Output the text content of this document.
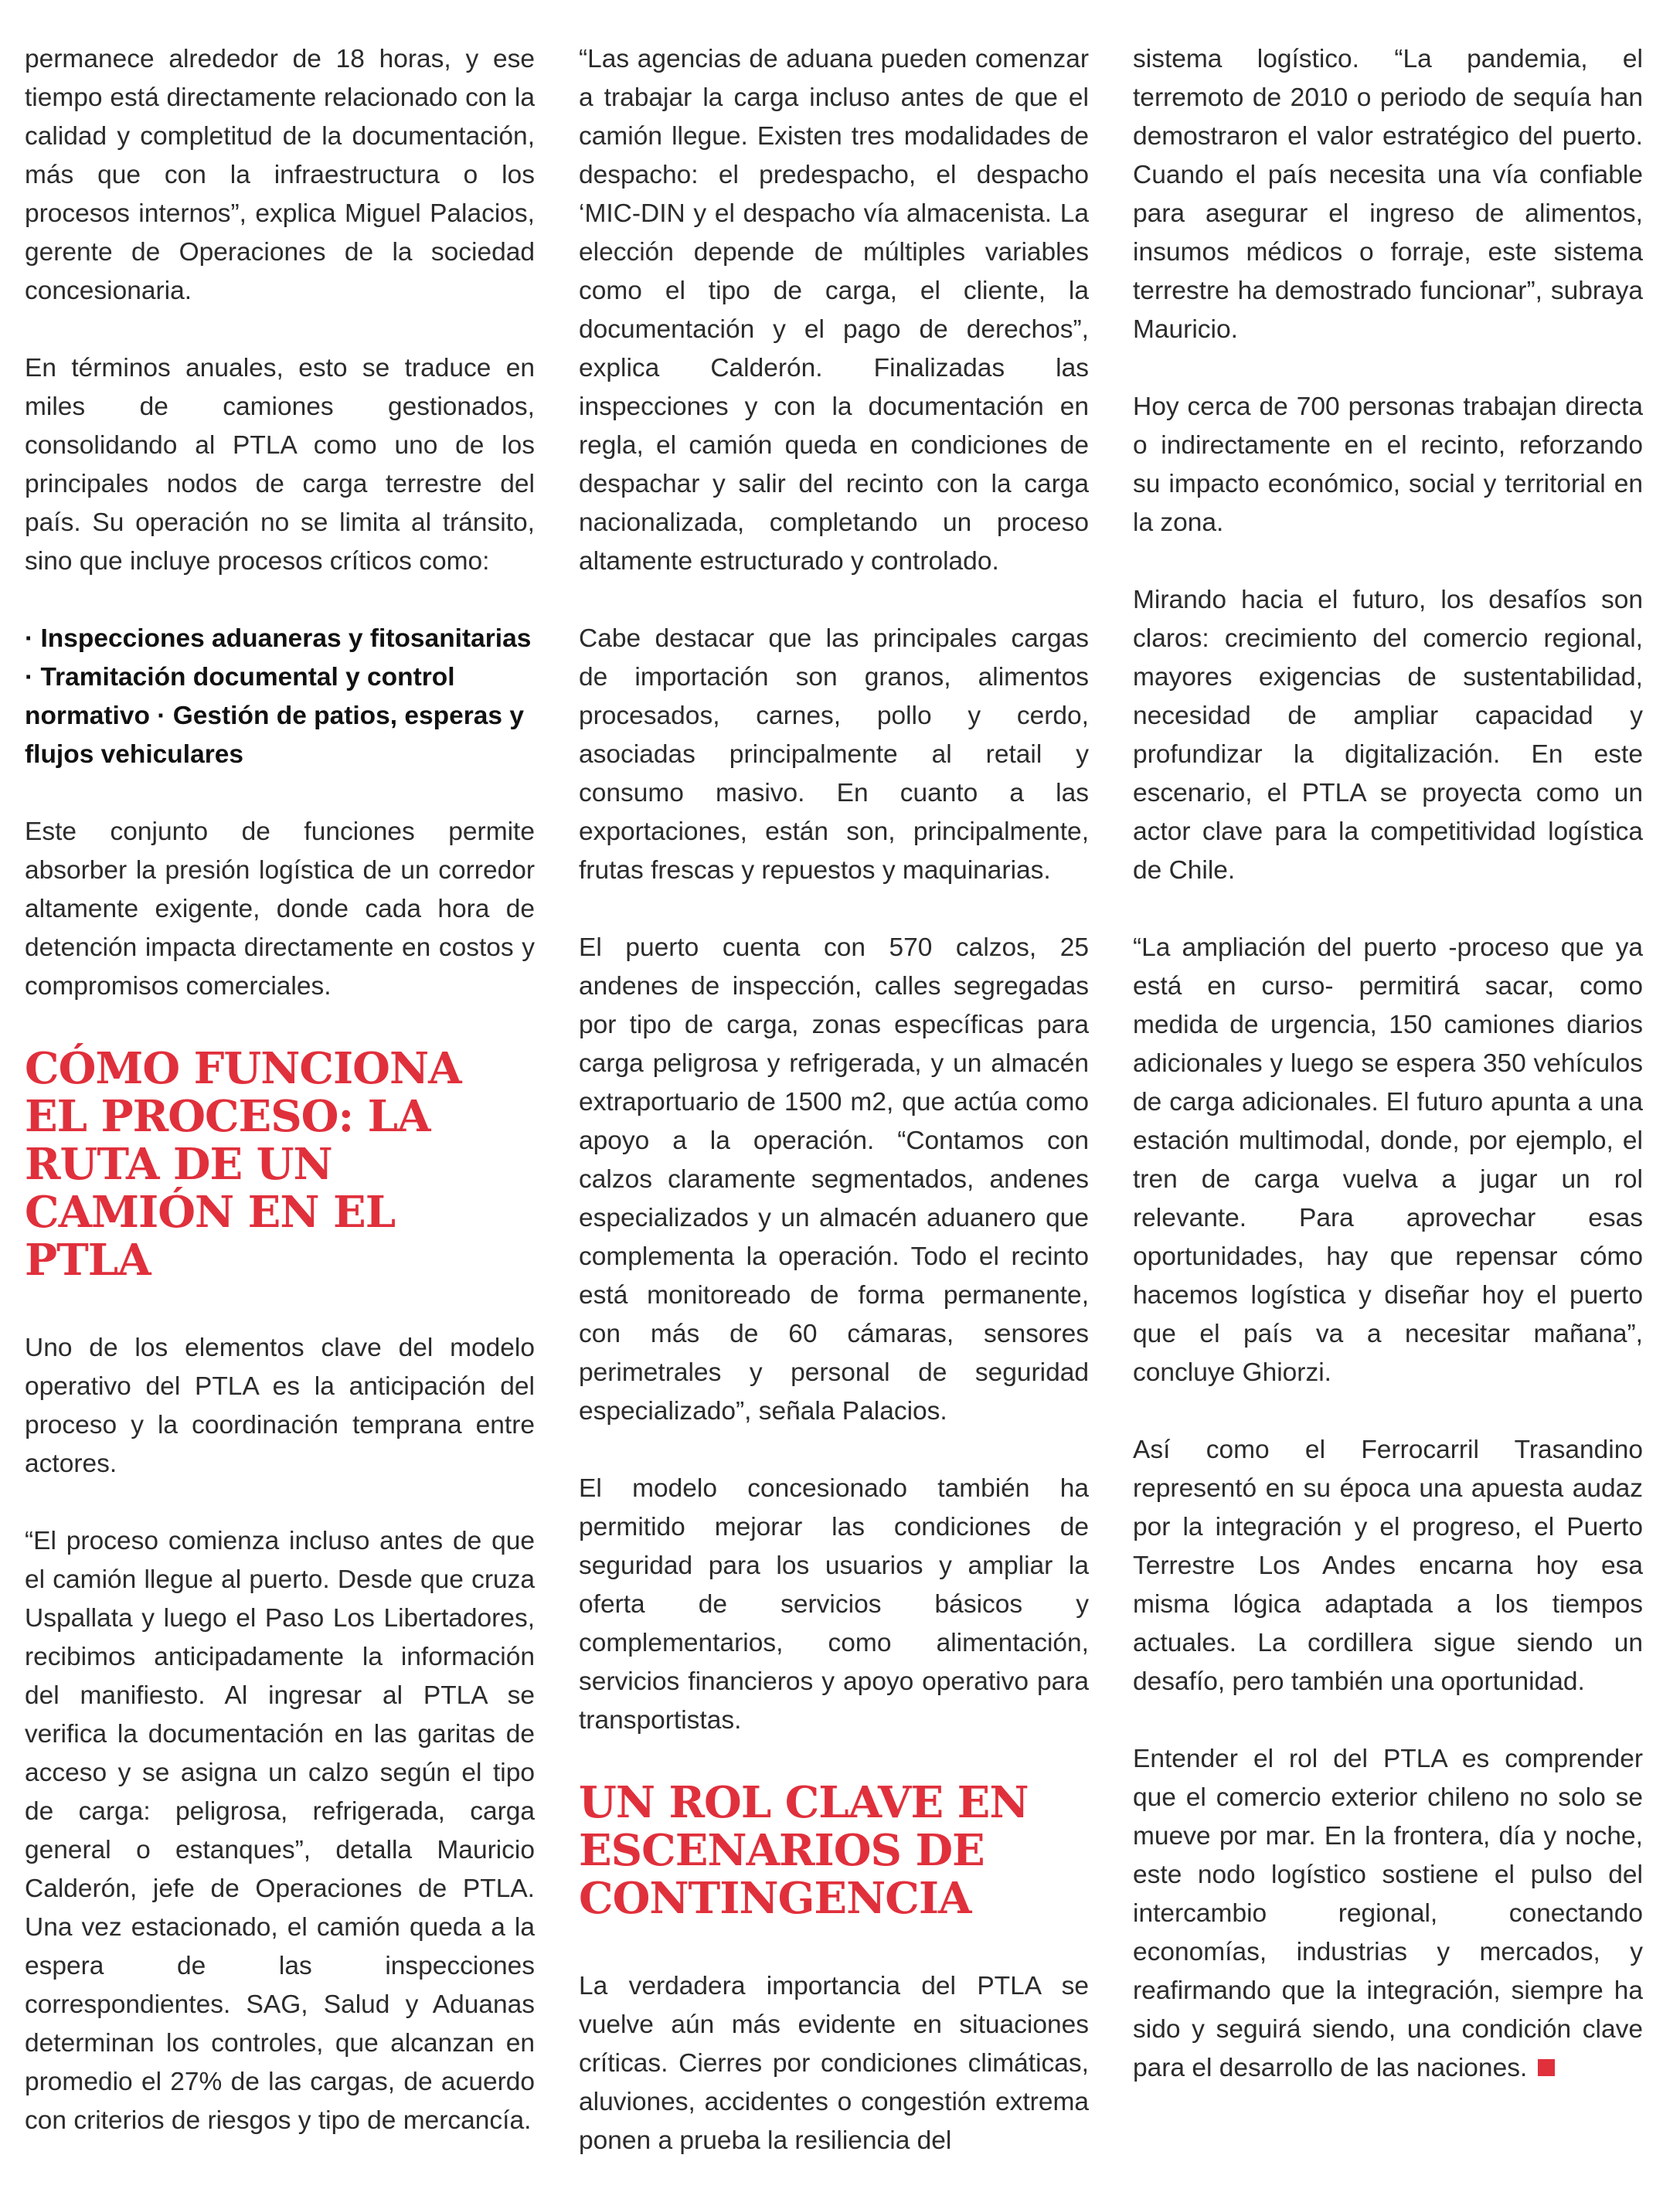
permanece alrededor de 18 horas, y ese tiempo está directamente relacionado con la calidad y completitud de la documentación, más que con la infraestructura o los procesos internos”, explica Miguel Palacios, gerente de Operaciones de la sociedad concesionaria.

En términos anuales, esto se traduce en miles de camiones gestionados, consolidando al PTLA como uno de los principales nodos de carga terrestre del país. Su operación no se limita al tránsito, sino que incluye procesos críticos como:

· Inspecciones aduaneras y fitosanitarias · Tramitación documental y control normativo · Gestión de patios, esperas y flujos vehiculares

Este conjunto de funciones permite absorber la presión logística de un corredor altamente exigente, donde cada hora de detención impacta directamente en costos y compromisos comerciales.

CÓMO FUNCIONA EL PROCESO: LA RUTA DE UN CAMIÓN EN EL PTLA

Uno de los elementos clave del modelo operativo del PTLA es la anticipación del proceso y la coordinación temprana entre actores.

“El proceso comienza incluso antes de que el camión llegue al puerto. Desde que cruza Uspallata y luego el Paso Los Libertadores, recibimos anticipadamente la información del manifiesto. Al ingresar al PTLA se verifica la documentación en las garitas de acceso y se asigna un calzo según el tipo de carga: peligrosa, refrigerada, carga general o estanques”, detalla Mauricio Calderón, jefe de Operaciones de PTLA. Una vez estacionado, el camión queda a la espera de las inspecciones correspondientes. SAG, Salud y Aduanas determinan los controles, que alcanzan en promedio el 27% de las cargas, de acuerdo con criterios de riesgos y tipo de mercancía.

“Las agencias de aduana pueden comenzar a trabajar la carga incluso antes de que el camión llegue. Existen tres modalidades de despacho: el predespacho, el despacho ‘MIC-DIN y el despacho vía almacenista. La elección depende de múltiples variables como el tipo de carga, el cliente, la documentación y el pago de derechos”, explica Calderón. Finalizadas las inspecciones y con la documentación en regla, el camión queda en condiciones de despachar y salir del recinto con la carga nacionalizada, completando un proceso altamente estructurado y controlado.

Cabe destacar que las principales cargas de importación son granos, alimentos procesados, carnes, pollo y cerdo, asociadas principalmente al retail y consumo masivo. En cuanto a las exportaciones, están son, principalmente, frutas frescas y repuestos y maquinarias.

El puerto cuenta con 570 calzos, 25 andenes de inspección, calles segregadas por tipo de carga, zonas específicas para carga peligrosa y refrigerada, y un almacén extraportuario de 1500 m2, que actúa como apoyo a la operación. “Contamos con calzos claramente segmentados, andenes especializados y un almacén aduanero que complementa la operación. Todo el recinto está monitoreado de forma permanente, con más de 60 cámaras, sensores perimetrales y personal de seguridad especializado”, señala Palacios.

El modelo concesionado también ha permitido mejorar las condiciones de seguridad para los usuarios y ampliar la oferta de servicios básicos y complementarios, como alimentación, servicios financieros y apoyo operativo para transportistas.

UN ROL CLAVE EN ESCENARIOS DE CONTINGENCIA

La verdadera importancia del PTLA se vuelve aún más evidente en situaciones críticas. Cierres por condiciones climáticas, aluviones, accidentes o congestión extrema ponen a prueba la resiliencia del

sistema logístico. “La pandemia, el terremoto de 2010 o periodo de sequía han demostraron el valor estratégico del puerto. Cuando el país necesita una vía confiable para asegurar el ingreso de alimentos, insumos médicos o forraje, este sistema terrestre ha demostrado funcionar”, subraya Mauricio.

Hoy cerca de 700 personas trabajan directa o indirectamente en el recinto, reforzando su impacto económico, social y territorial en la zona.

Mirando hacia el futuro, los desafíos son claros: crecimiento del comercio regional, mayores exigencias de sustentabilidad, necesidad de ampliar capacidad y profundizar la digitalización. En este escenario, el PTLA se proyecta como un actor clave para la competitividad logística de Chile.

“La ampliación del puerto -proceso que ya está en curso- permitirá sacar, como medida de urgencia, 150 camiones diarios adicionales y luego se espera 350 vehículos de carga adicionales. El futuro apunta a una estación multimodal, donde, por ejemplo, el tren de carga vuelva a jugar un rol relevante. Para aprovechar esas oportunidades, hay que repensar cómo hacemos logística y diseñar hoy el puerto que el país va a necesitar mañana”, concluye Ghiorzi.

Así como el Ferrocarril Trasandino representó en su época una apuesta audaz por la integración y el progreso, el Puerto Terrestre Los Andes encarna hoy esa misma lógica adaptada a los tiempos actuales. La cordillera sigue siendo un desafío, pero también una oportunidad.

Entender el rol del PTLA es comprender que el comercio exterior chileno no solo se mueve por mar. En la frontera, día y noche, este nodo logístico sostiene el pulso del intercambio regional, conectando economías, industrias y mercados, y reafirmando que la integración, siempre ha sido y seguirá siendo, una condición clave para el desarrollo de las naciones.
